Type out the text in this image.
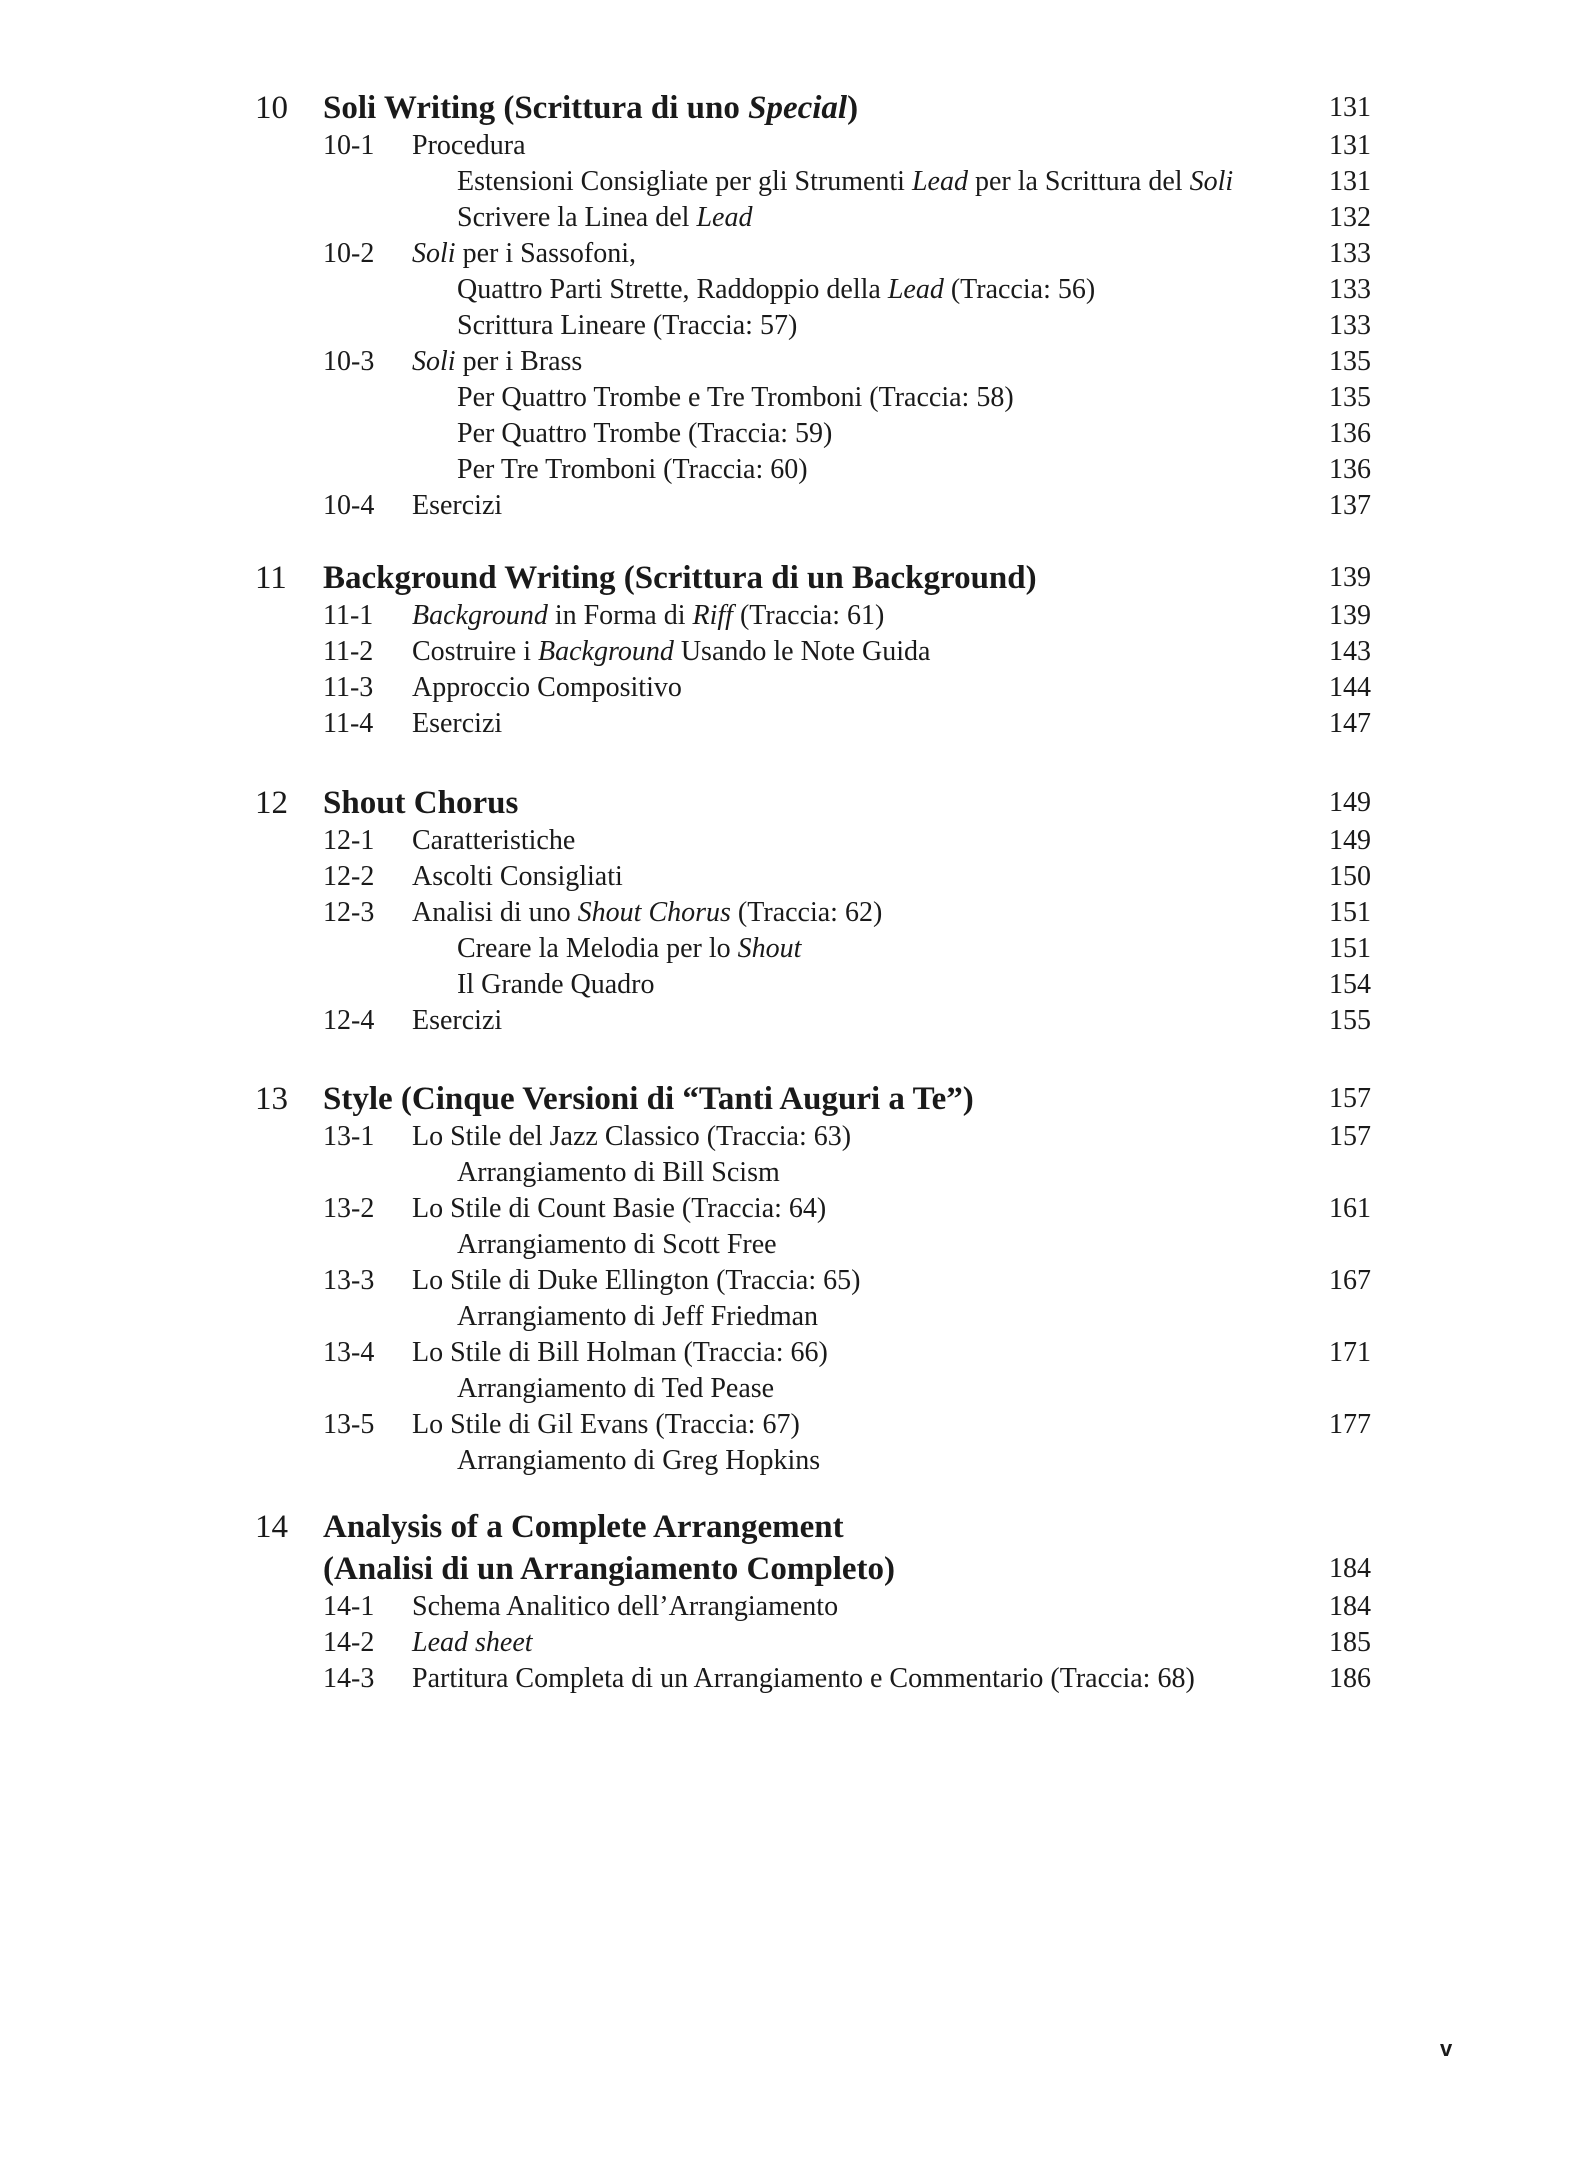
10 Soli Writing (Scrittura di uno Special)	131
10-1 Procedura	131
Estensioni Consigliate per gli Strumenti Lead per la Scrittura del Soli	131
Scrivere la Linea del Lead	132
10-2 Soli per i Sassofoni,	133
Quattro Parti Strette, Raddoppio della Lead (Traccia: 56)	133
Scrittura Lineare (Traccia: 57)	133
10-3 Soli per i Brass	135
Per Quattro Trombe e Tre Tromboni (Traccia: 58)	135
Per Quattro Trombe (Traccia: 59)	136
Per Tre Tromboni (Traccia: 60)	136
10-4 Esercizi	137
11 Background Writing (Scrittura di un Background)	139
11-1 Background in Forma di Riff (Traccia: 61)	139
11-2 Costruire i Background Usando le Note Guida	143
11-3 Approccio Compositivo	144
11-4 Esercizi	147
12 Shout Chorus	149
12-1 Caratteristiche	149
12-2 Ascolti Consigliati	150
12-3 Analisi di uno Shout Chorus (Traccia: 62)	151
Creare la Melodia per lo Shout	151
Il Grande Quadro	154
12-4 Esercizi	155
13 Style (Cinque Versioni di “Tanti Auguri a Te”)	157
13-1 Lo Stile del Jazz Classico (Traccia: 63)	157
Arrangiamento di Bill Scism
13-2 Lo Stile di Count Basie (Traccia: 64)	161
Arrangiamento di Scott Free
13-3 Lo Stile di Duke Ellington (Traccia: 65)	167
Arrangiamento di Jeff Friedman
13-4 Lo Stile di Bill Holman (Traccia: 66)	171
Arrangiamento di Ted Pease
13-5 Lo Stile di Gil Evans (Traccia: 67)	177
Arrangiamento di Greg Hopkins
14 Analysis of a Complete Arrangement
(Analisi di un Arrangiamento Completo)	184
14-1 Schema Analitico dell’Arrangiamento	184
14-2 Lead sheet	185
14-3 Partitura Completa di un Arrangiamento e Commentario (Traccia: 68)	186
v
